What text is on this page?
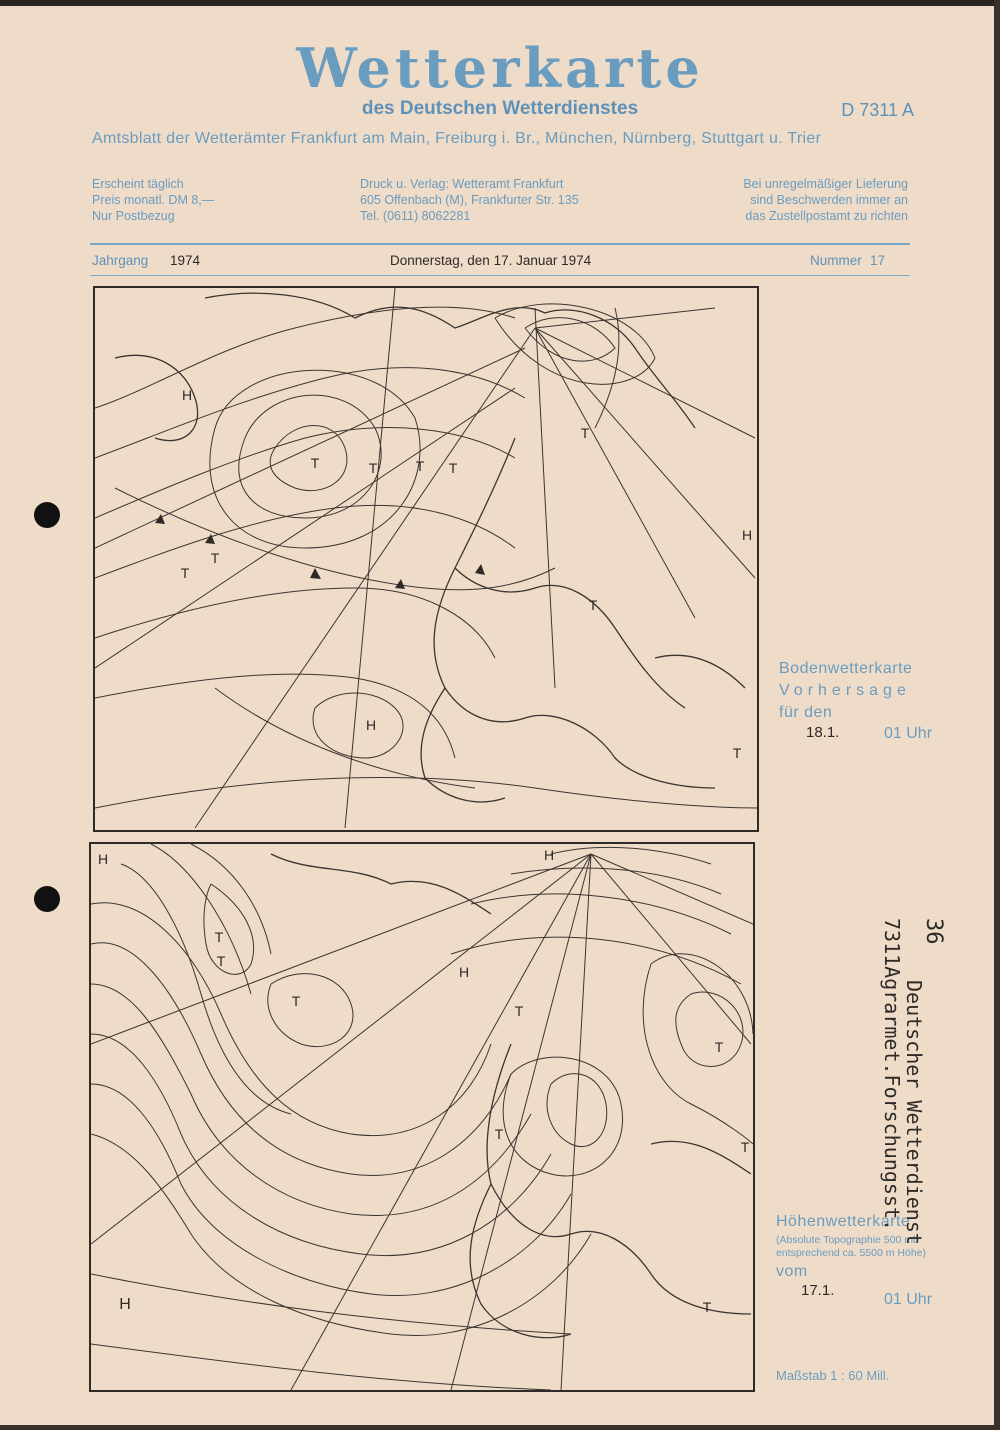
Wetterkarte
des Deutschen Wetterdienstes	D 7311 A
Amtsblatt der Wetterämter Frankfurt am Main, Freiburg i. Br., München, Nürnberg, Stuttgart u. Trier
Erscheint täglich
Preis monatl. DM 8,—
Nur Postbezug
Druck u. Verlag: Wetteramt Frankfurt
605 Offenbach (M), Frankfurter Str. 135
Tel. (0611) 8062281
Bei unregelmäßiger Lieferung
sind Beschwerden immer an
das Zustellpostamt zu richten
Jahrgang 1974	Donnerstag, den 17. Januar 1974	Nummer 17
H
T	T	T T
T
T
T
T
H
H
T
Bodenwetterkarte
Vorhersage
für den
18.1.	01 Uhr
H	H
T
T
T
H
T
T
T
T
H	T
Höhenwetterkarte
(Absolute Topographie 500 mb
entsprechend ca. 5500 m Höhe)
vom
17.1.
01 Uhr
Maßstab 1 : 60 Mill.
36
Deutscher Wetterdienst
7311Agrarmet.Forschungsst.
